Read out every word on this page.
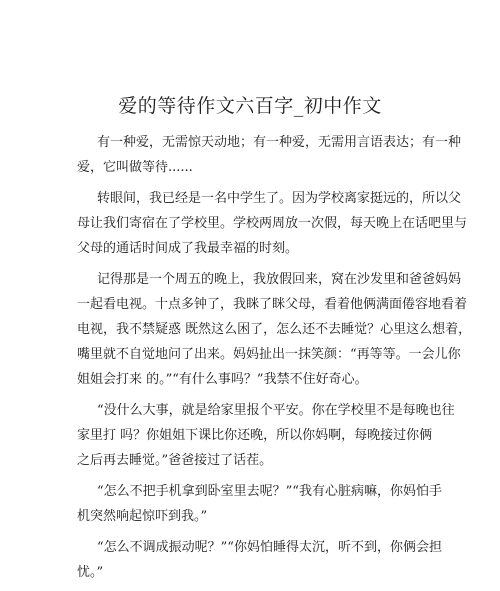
爱的等待作文六百字_初中作文
有一种爱，无需惊天动地；有一种爱，无需用言语表达；有一种
爱，它叫做等待......
转眼间，我已经是一名中学生了。因为学校离家挺远的，所以父
母让我们寄宿在了学校里。学校两周放一次假，每天晚上在话吧里与
父母的通话时间成了我最幸福的时刻。
记得那是一个周五的晚上，我放假回来，窝在沙发里和爸爸妈妈
一起看电视。十点多钟了，我眯了眯父母，看着他俩满面倦容地看着
电视，我不禁疑惑 既然这么困了，怎么还不去睡觉？心里这么想着，
嘴里就不自觉地问了出来。妈妈扯出一抹笑颜：“再等等。一会儿你
姐姐会打来 的。”“有什么事吗？”我禁不住好奇心。
“没什么大事，就是给家里报个平安。你在学校里不是每晚也往
家里打 吗？你姐姐下课比你还晚，所以你妈啊，每晚接过你俩
之后再去睡觉。”爸爸接过了话茬。
“怎么不把手机拿到卧室里去呢？”“我有心脏病嘛，你妈怕手
机突然响起惊吓到我。”
“怎么不调成振动呢？”“你妈怕睡得太沉，听不到，你俩会担
忧。”
